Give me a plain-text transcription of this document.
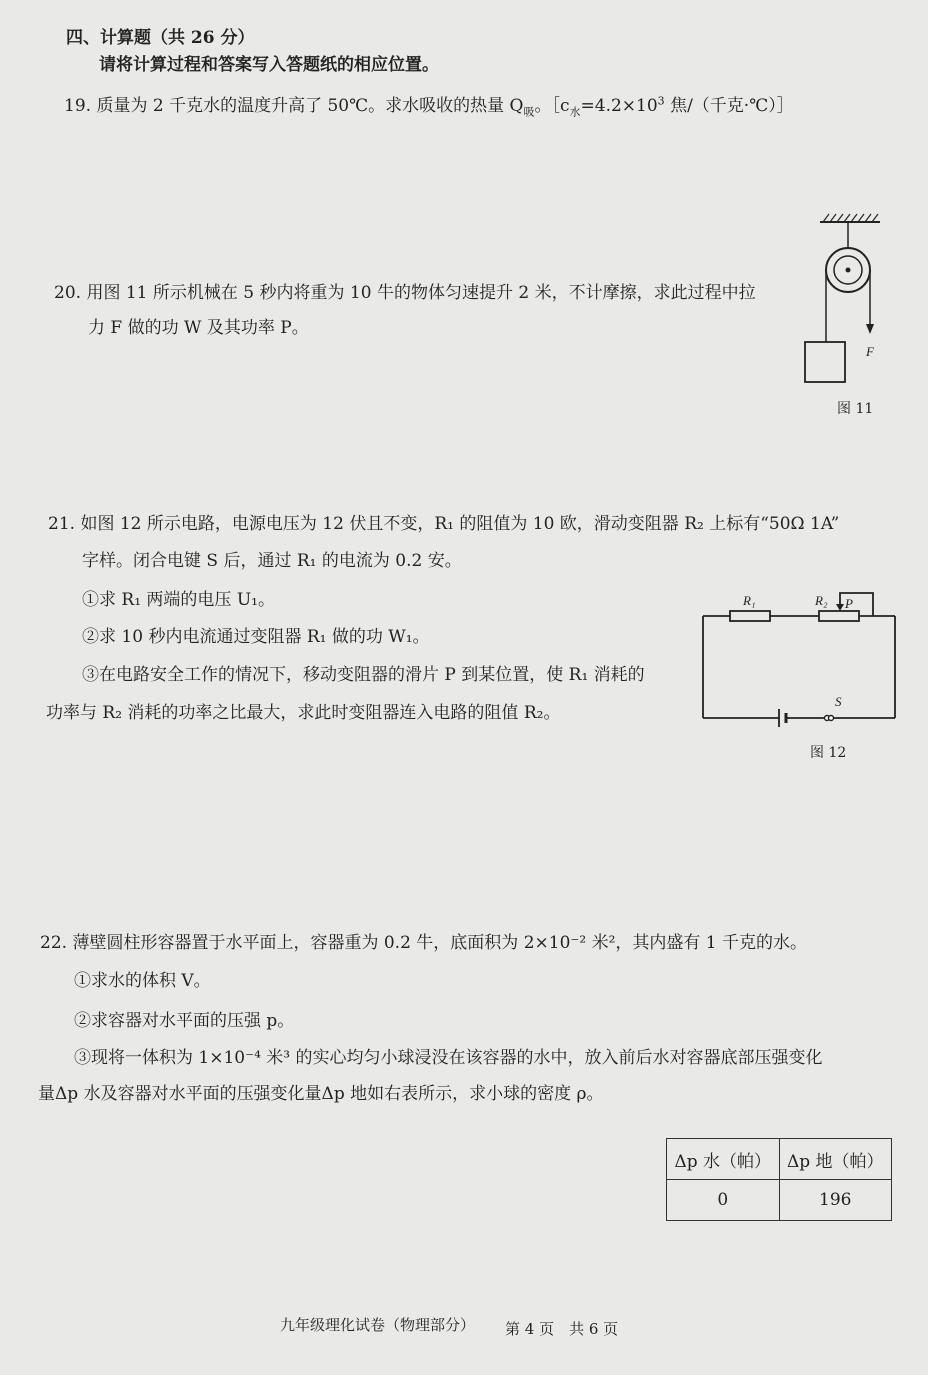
四、计算题（共 26 分）
请将计算过程和答案写入答题纸的相应位置。
19. 质量为 2 千克水的温度升高了 50℃。求水吸收的热量 $Q_吸$。$[c_水=4.2\times 10^3$ 焦/（千克·℃）］
20. 用图 11 所示机械在 5 秒内将重为 10 牛的物体匀速提升 2 米，不计摩擦，求此过程中拉
力 F 做的功 W 及其功率 P。
F
图 11
21. 如图 12 所示电路，电源电压为 12 伏且不变，R₁ 的阻值为 10 欧，滑动变阻器 R₂ 上标有“50Ω 1A”
字样。闭合电键 S 后，通过 R₁ 的电流为 0.2 安。
①求 R₁ 两端的电压 U₁。
②求 10 秒内电流通过变阻器 R₁ 做的功 W₁。
③在电路安全工作的情况下，移动变阻器的滑片 P 到某位置，使 R₁ 消耗的
功率与 R₂ 消耗的功率之比最大，求此时变阻器连入电路的阻值 R₂。
R₁	R₂ P
S
图 12
22. 薄壁圆柱形容器置于水平面上，容器重为 0.2 牛，底面积为 2×10⁻² 米²，其内盛有 1 千克的水。
①求水的体积 V。
②求容器对水平面的压强 p。
③现将一体积为 1×10⁻⁴ 米³ 的实心均匀小球浸没在该容器的水中，放入前后水对容器底部压强变化
量Δp 水及容器对水平面的压强变化量Δp 地如右表所示，求小球的密度 ρ。
Δp 水（帕）	Δp 地（帕）
0	196
九年级理化试卷（物理部分） 第 4 页　共 6 页
